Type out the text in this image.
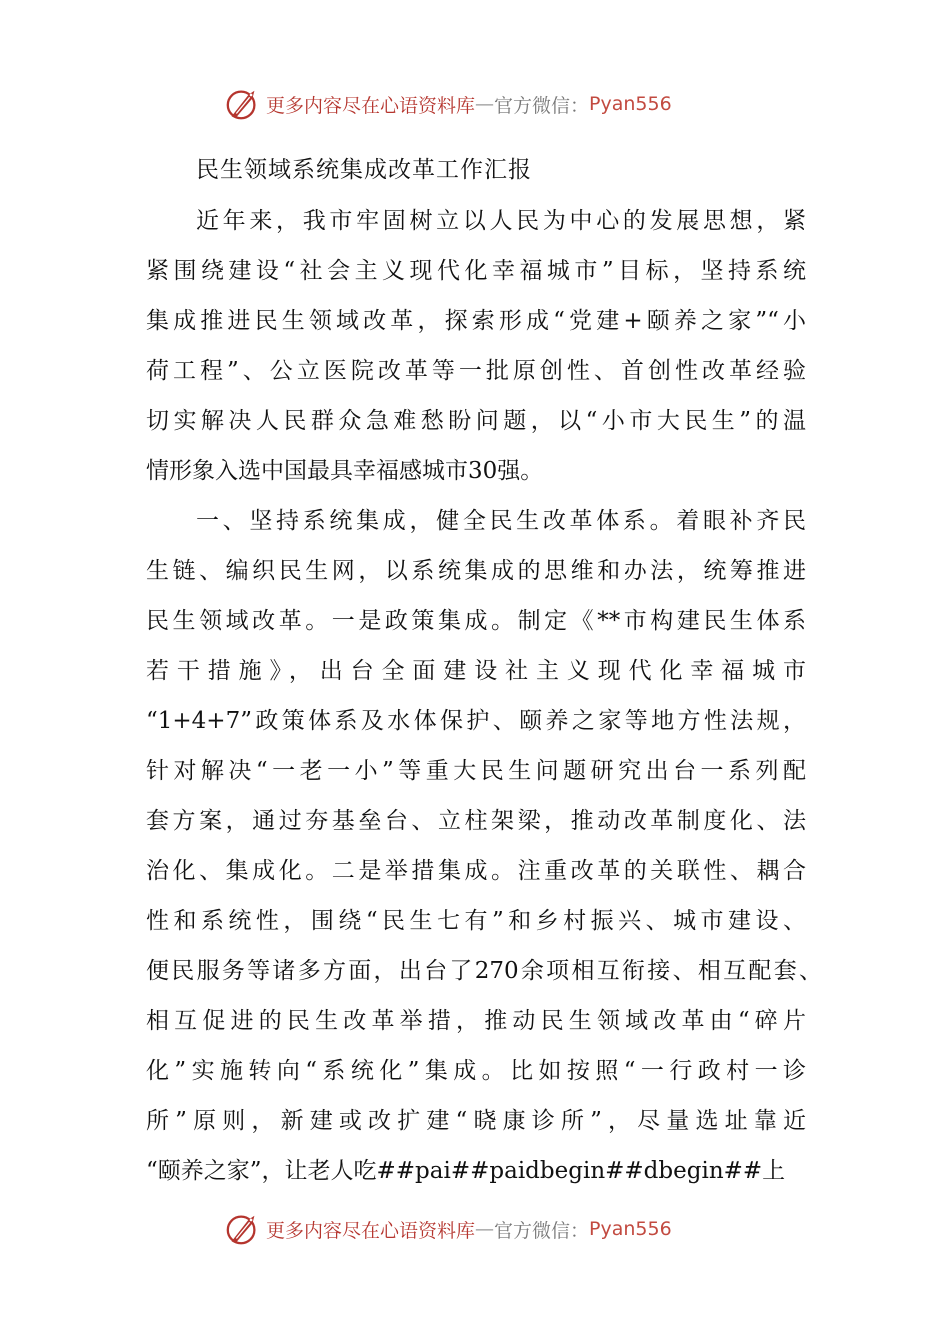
更多内容尽在心语资料库 — 官方微信： Pyan556
民生领域系统集成改革工作汇报
近年来，我市牢固树立以人民为中心的发展思想，紧
紧围绕建设“社会主义现代化幸福城市”目标，坚持系统
集成推进民生领域改革，探索形成“党建+颐养之家”“小
荷工程”、公立医院改革等一批原创性、首创性改革经验
切实解决人民群众急难愁盼问题，以“小市大民生”的温
情形象入选中国最具幸福感城市30强。
一、坚持系统集成，健全民生改革体系。着眼补齐民
生链、编织民生网，以系统集成的思维和办法，统筹推进
民生领域改革。一是政策集成。制定《**市构建民生体系
若干措施》，出台全面建设社主义现代化幸福城市
“1+4+7”政策体系及水体保护、颐养之家等地方性法规，
针对解决“一老一小”等重大民生问题研究出台一系列配
套方案，通过夯基垒台、立柱架梁，推动改革制度化、法
治化、集成化。二是举措集成。注重改革的关联性、耦合
性和系统性，围绕“民生七有”和乡村振兴、城市建设、
便民服务等诸多方面，出台了270余项相互衔接、相互配套、
相互促进的民生改革举措，推动民生领域改革由“碎片
化”实施转向“系统化”集成。比如按照“一行政村一诊
所”原则，新建或改扩建“晓康诊所”，尽量选址靠近
“颐养之家”，让老人吃##pai##paidbegin##dbegin##上
更多内容尽在心语资料库 — 官方微信： Pyan556
